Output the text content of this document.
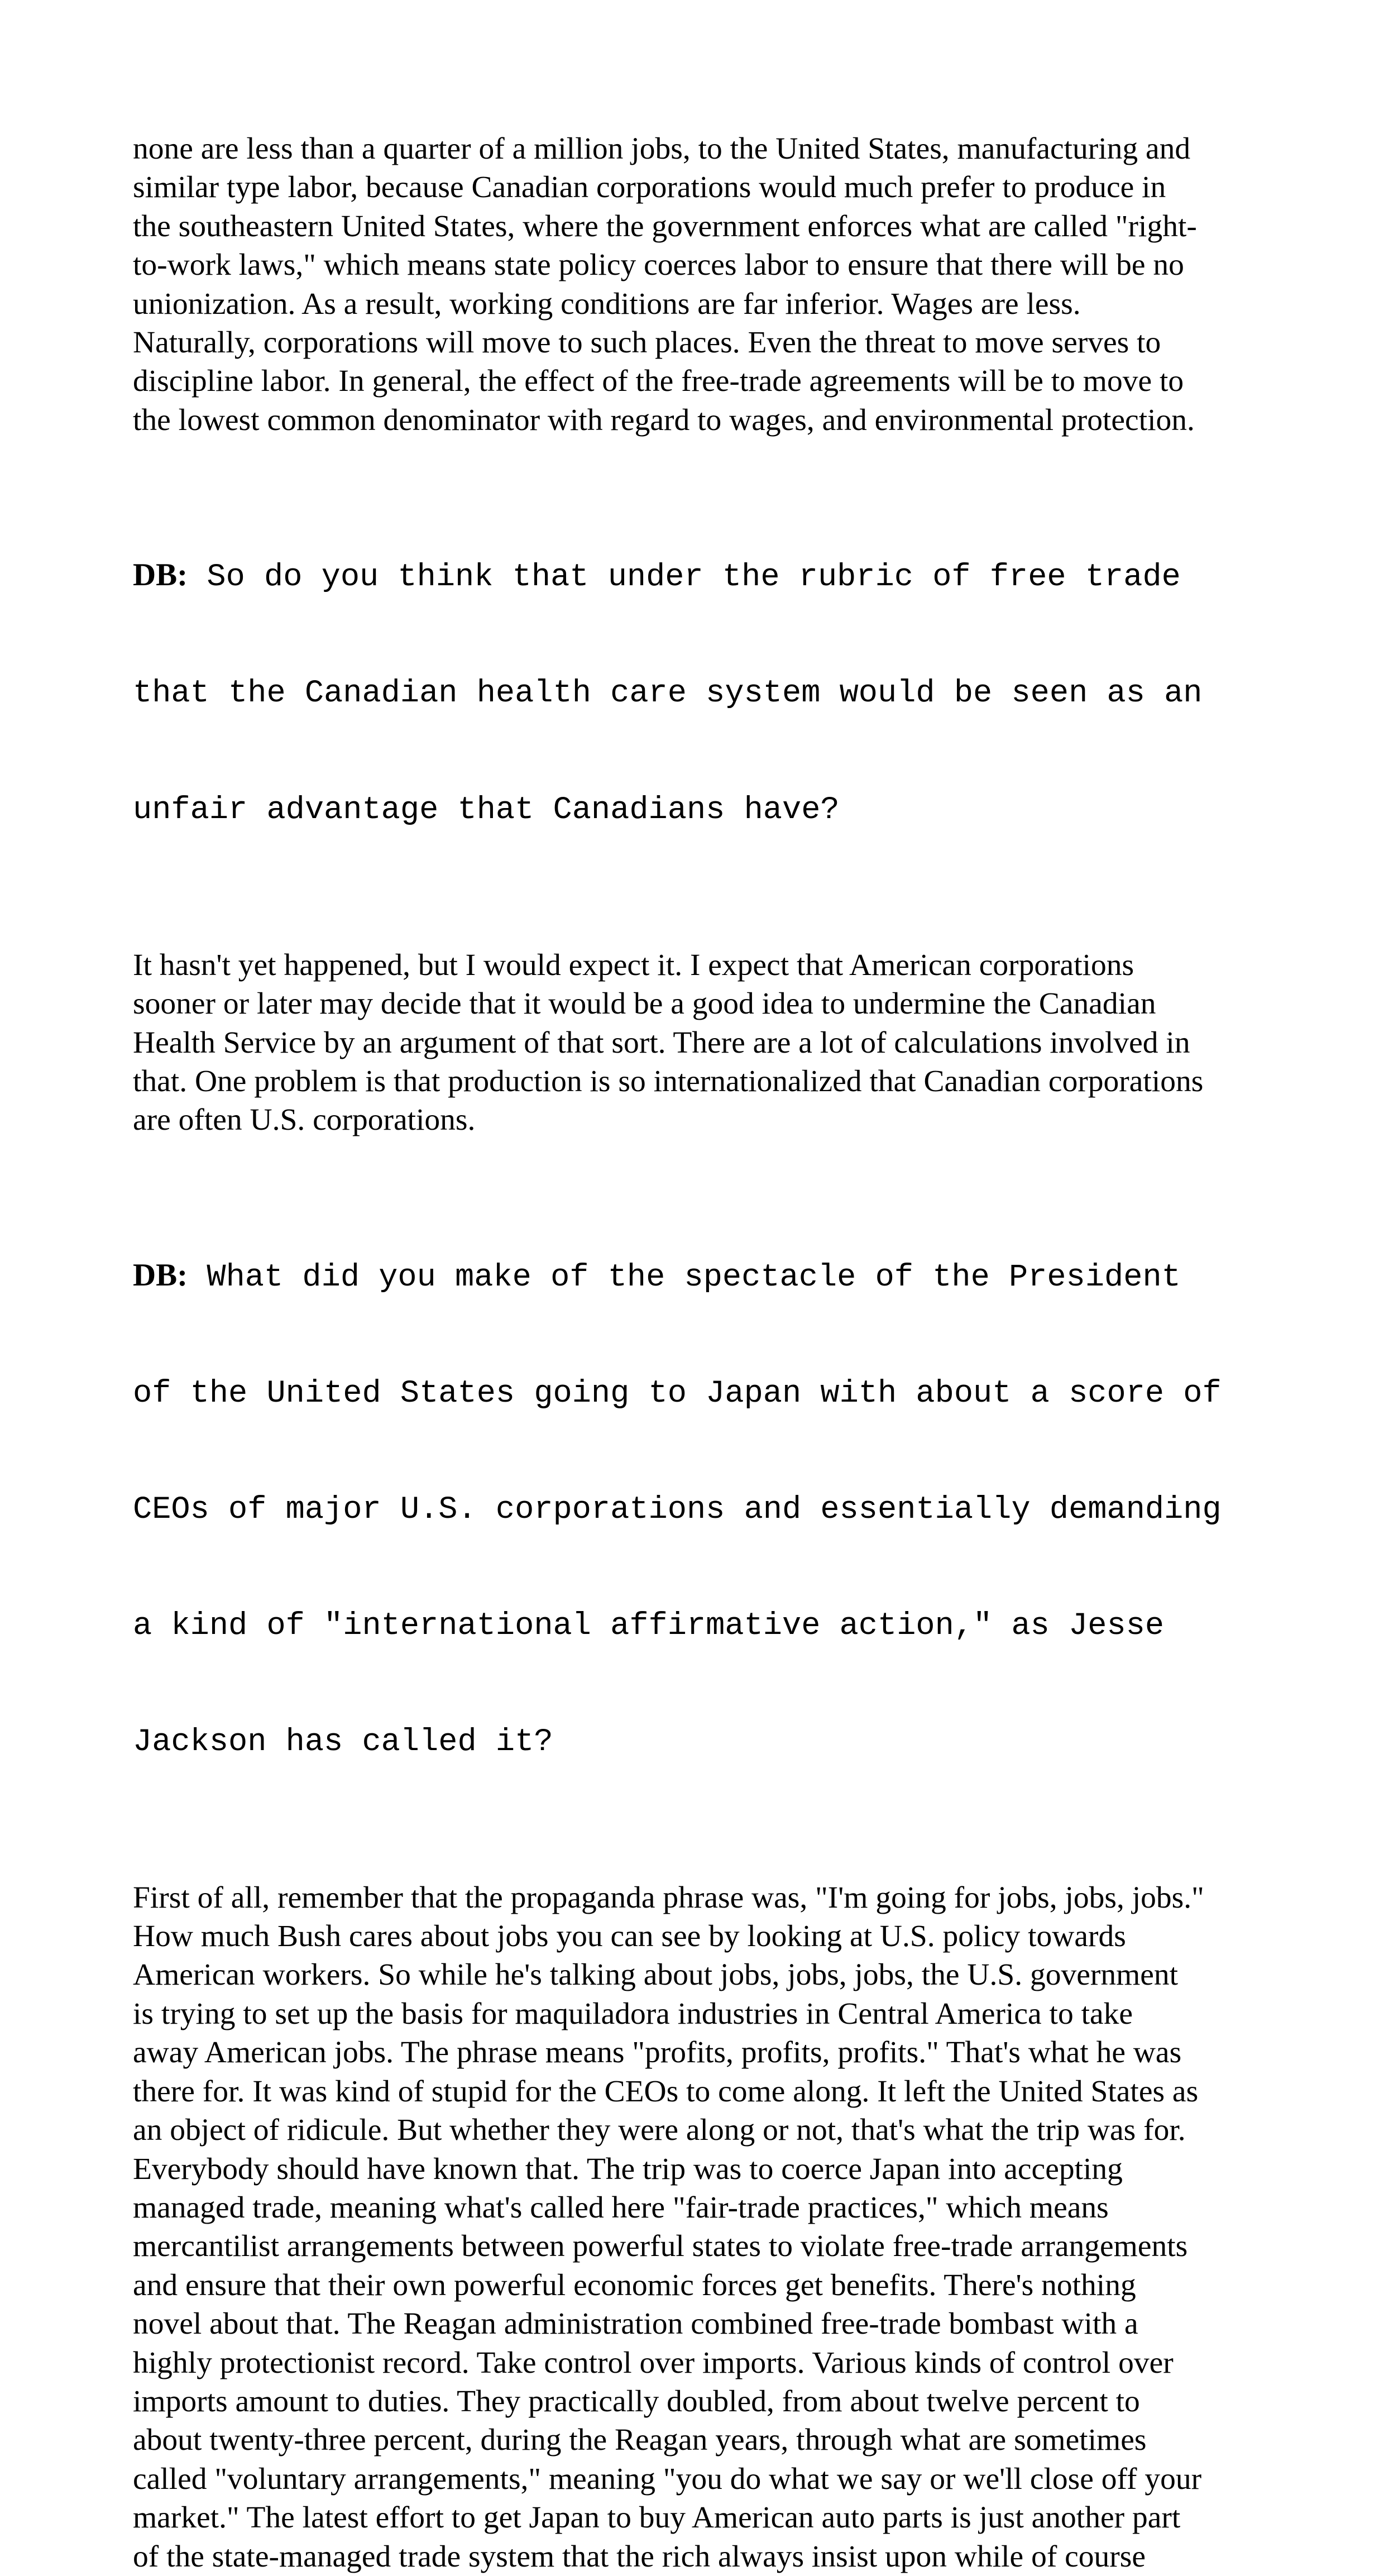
none are less than a quarter of a million jobs, to the United States, manufacturing and
similar type labor, because Canadian corporations would much prefer to produce in
the southeastern United States, where the government enforces what are called "right-
to-work laws," which means state policy coerces labor to ensure that there will be no
unionization. As a result, working conditions are far inferior. Wages are less.
Naturally, corporations will move to such places. Even the threat to move serves to
discipline labor. In general, the effect of the free-trade agreements will be to move to
the lowest common denominator with regard to wages, and environmental protection.

DB: So do you think that under the rubric of free trade

that the Canadian health care system would be seen as an

unfair advantage that Canadians have?

It hasn't yet happened, but I would expect it. I expect that American corporations
sooner or later may decide that it would be a good idea to undermine the Canadian
Health Service by an argument of that sort. There are a lot of calculations involved in
that. One problem is that production is so internationalized that Canadian corporations
are often U.S. corporations.

DB: What did you make of the spectacle of the President

of the United States going to Japan with about a score of

CEOs of major U.S. corporations and essentially demanding

a kind of "international affirmative action," as Jesse

Jackson has called it?

First of all, remember that the propaganda phrase was, "I'm going for jobs, jobs, jobs."
How much Bush cares about jobs you can see by looking at U.S. policy towards
American workers. So while he's talking about jobs, jobs, jobs, the U.S. government
is trying to set up the basis for maquiladora industries in Central America to take
away American jobs. The phrase means "profits, profits, profits." That's what he was
there for. It was kind of stupid for the CEOs to come along. It left the United States as
an object of ridicule. But whether they were along or not, that's what the trip was for.
Everybody should have known that. The trip was to coerce Japan into accepting
managed trade, meaning what's called here "fair-trade practices," which means
mercantilist arrangements between powerful states to violate free-trade arrangements
and ensure that their own powerful economic forces get benefits. There's nothing
novel about that. The Reagan administration combined free-trade bombast with a
highly protectionist record. Take control over imports. Various kinds of control over
imports amount to duties. They practically doubled, from about twelve percent to
about twenty-three percent, during the Reagan years, through what are sometimes
called "voluntary arrangements," meaning "you do what we say or we'll close off your
market." The latest effort to get Japan to buy American auto parts is just another part
of the state-managed trade system that the rich always insist upon while of course
